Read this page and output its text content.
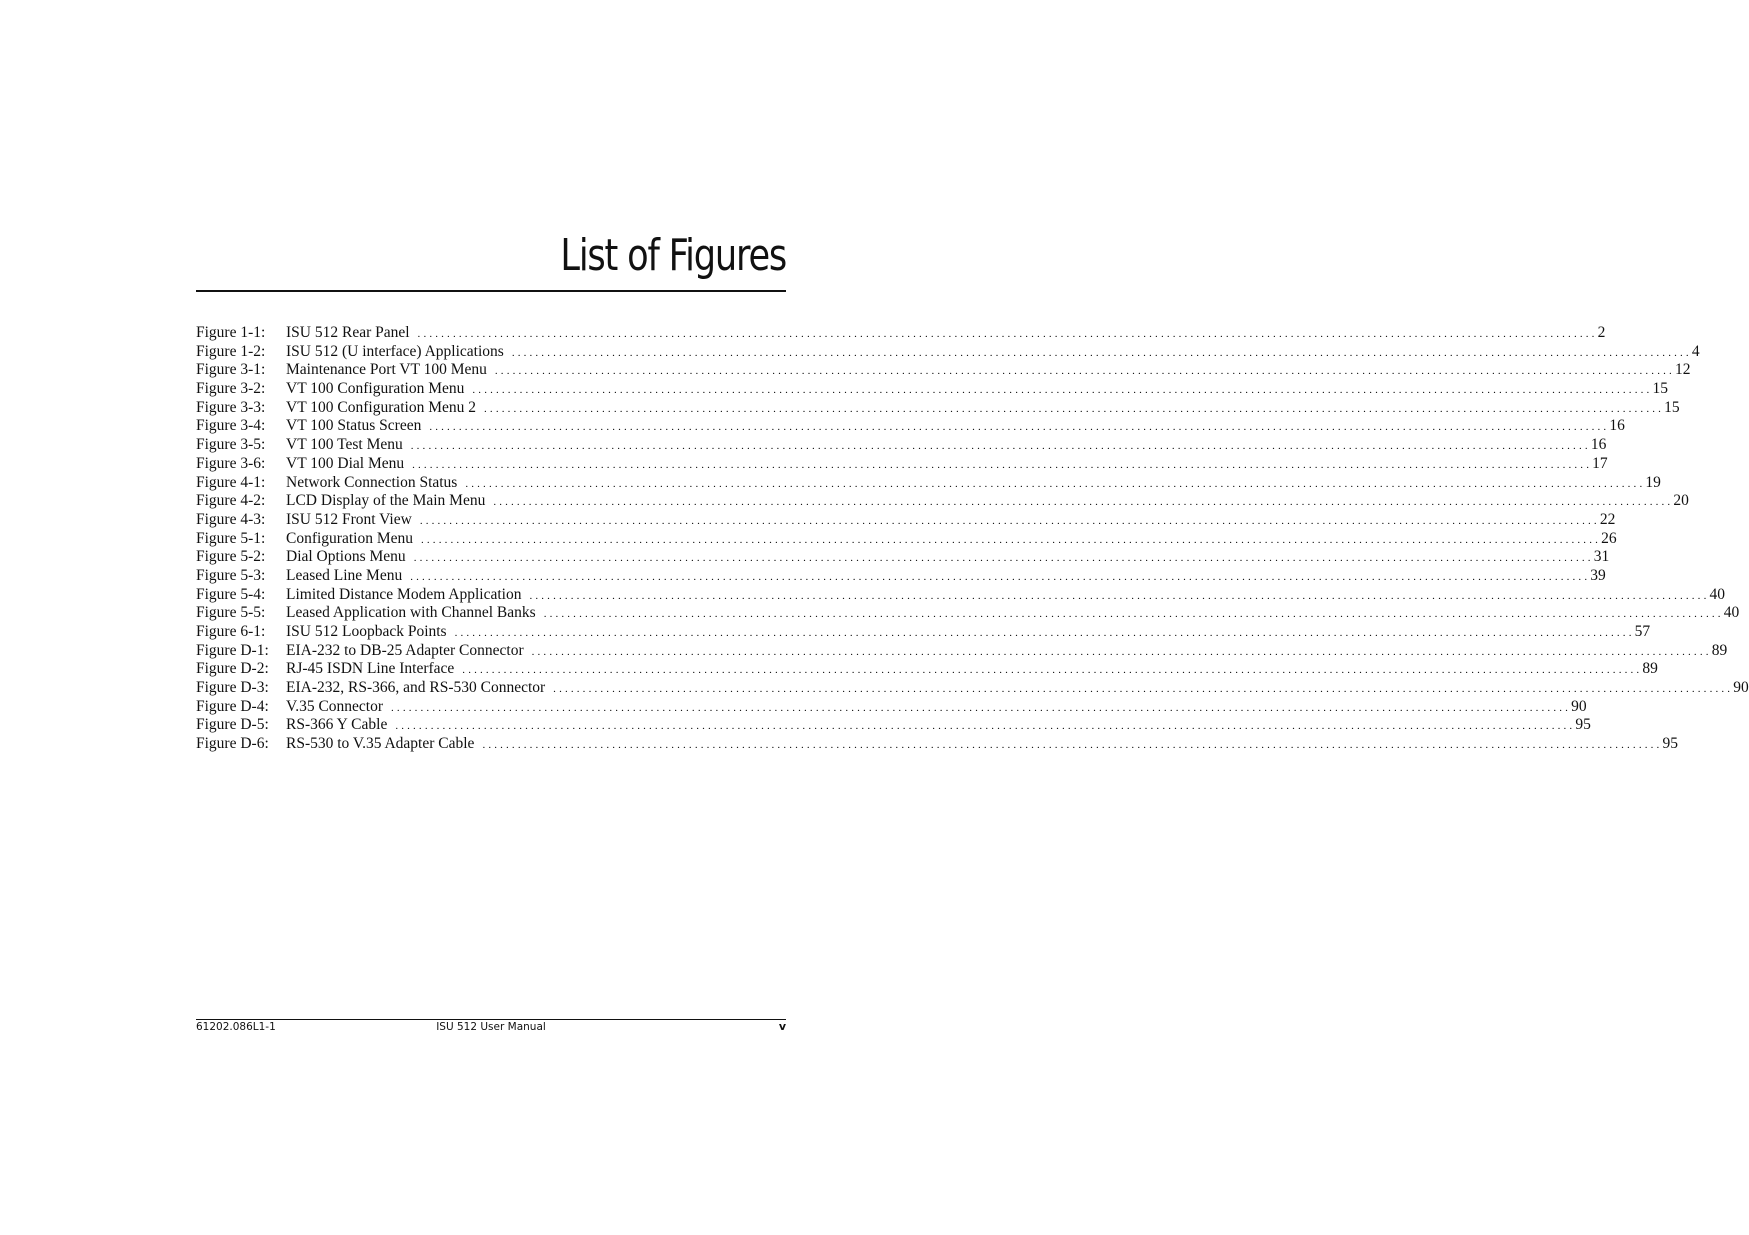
List of Figures
Figure 1-1: ISU 512 Rear Panel . . . . . . . . . . . . . . . . . . . . . . . . . . . . . . . . . . . . . . . . . . . . . . . . . . . . . . . . . . . . . . . . . . . . . . . . . . . . . . . . . . . . . . . . . . . . . . . . . . . . . . . . . . . . . . . . . . . . . . . . . . . . . . . . . . . . . . . . . . . . . . . . . . . . . . . . . . . . . . . . . . . . . . . . . . . . . . . . . . . . . . . . . . . . . . . . . . . . . . . . 2
Figure 1-2: ISU 512 (U interface) Applications . . . . . . . . . . . . . . . . . . . . . . . . . . . . . . . . . . . . . . . . . . . . . . . . . . . . . . . . . . . . . . . . . . . . . . . . . . . . . . . . . . . . . . . . . . . . . . . . . . . . . . . . . . . . . . . . . . . . . . . . . . . . . . . . . . . . . . . . . . . . . . . . . . . . . . . . . . . . . . . . . . . . . . . . . . . . . . . . . . . . . . . . . . . . . . . . . . . . . . . . 4
Figure 3-1: Maintenance Port VT 100 Menu . . . . . . . . . . . . . . . . . . . . . . . . . . . . . . . . . . . . . . . . . . . . . . . . . . . . . . . . . . . . . . . . . . . . . . . . . . . . . . . . . . . . . . . . . . . . . . . . . . . . . . . . . . . . . . . . . . . . . . . . . . . . . . . . . . . . . . . . . . . . . . . . . . . . . . . . . . . . . . . . . . . . . . . . . . . . . . . . . . . . . . . . . . . . . . . . . . . . . . . . 12
Figure 3-2: VT 100 Configuration Menu . . . . . . . . . . . . . . . . . . . . . . . . . . . . . . . . . . . . . . . . . . . . . . . . . . . . . . . . . . . . . . . . . . . . . . . . . . . . . . . . . . . . . . . . . . . . . . . . . . . . . . . . . . . . . . . . . . . . . . . . . . . . . . . . . . . . . . . . . . . . . . . . . . . . . . . . . . . . . . . . . . . . . . . . . . . . . . . . . . . . . . . . . . . . . . . . . . . . . . . . 15
Figure 3-3: VT 100 Configuration Menu 2 . . . . . . . . . . . . . . . . . . . . . . . . . . . . . . . . . . . . . . . . . . . . . . . . . . . . . . . . . . . . . . . . . . . . . . . . . . . . . . . . . . . . . . . . . . . . . . . . . . . . . . . . . . . . . . . . . . . . . . . . . . . . . . . . . . . . . . . . . . . . . . . . . . . . . . . . . . . . . . . . . . . . . . . . . . . . . . . . . . . . . . . . . . . . . . . . . . . . . . . . 15
Figure 3-4: VT 100 Status Screen . . . . . . . . . . . . . . . . . . . . . . . . . . . . . . . . . . . . . . . . . . . . . . . . . . . . . . . . . . . . . . . . . . . . . . . . . . . . . . . . . . . . . . . . . . . . . . . . . . . . . . . . . . . . . . . . . . . . . . . . . . . . . . . . . . . . . . . . . . . . . . . . . . . . . . . . . . . . . . . . . . . . . . . . . . . . . . . . . . . . . . . . . . . . . . . . . . . . . . . . 16
Figure 3-5: VT 100 Test Menu . . . . . . . . . . . . . . . . . . . . . . . . . . . . . . . . . . . . . . . . . . . . . . . . . . . . . . . . . . . . . . . . . . . . . . . . . . . . . . . . . . . . . . . . . . . . . . . . . . . . . . . . . . . . . . . . . . . . . . . . . . . . . . . . . . . . . . . . . . . . . . . . . . . . . . . . . . . . . . . . . . . . . . . . . . . . . . . . . . . . . . . . . . . . . . . . . . . . . . . . 16
Figure 3-6: VT 100 Dial Menu . . . . . . . . . . . . . . . . . . . . . . . . . . . . . . . . . . . . . . . . . . . . . . . . . . . . . . . . . . . . . . . . . . . . . . . . . . . . . . . . . . . . . . . . . . . . . . . . . . . . . . . . . . . . . . . . . . . . . . . . . . . . . . . . . . . . . . . . . . . . . . . . . . . . . . . . . . . . . . . . . . . . . . . . . . . . . . . . . . . . . . . . . . . . . . . . . . . . . . . . 17
Figure 4-1: Network Connection Status . . . . . . . . . . . . . . . . . . . . . . . . . . . . . . . . . . . . . . . . . . . . . . . . . . . . . . . . . . . . . . . . . . . . . . . . . . . . . . . . . . . . . . . . . . . . . . . . . . . . . . . . . . . . . . . . . . . . . . . . . . . . . . . . . . . . . . . . . . . . . . . . . . . . . . . . . . . . . . . . . . . . . . . . . . . . . . . . . . . . . . . . . . . . . . . . . . . . . . . . 19
Figure 4-2: LCD Display of the Main Menu . . . . . . . . . . . . . . . . . . . . . . . . . . . . . . . . . . . . . . . . . . . . . . . . . . . . . . . . . . . . . . . . . . . . . . . . . . . . . . . . . . . . . . . . . . . . . . . . . . . . . . . . . . . . . . . . . . . . . . . . . . . . . . . . . . . . . . . . . . . . . . . . . . . . . . . . . . . . . . . . . . . . . . . . . . . . . . . . . . . . . . . . . . . . . . . . . . . . . . . . 20
Figure 4-3: ISU 512 Front View . . . . . . . . . . . . . . . . . . . . . . . . . . . . . . . . . . . . . . . . . . . . . . . . . . . . . . . . . . . . . . . . . . . . . . . . . . . . . . . . . . . . . . . . . . . . . . . . . . . . . . . . . . . . . . . . . . . . . . . . . . . . . . . . . . . . . . . . . . . . . . . . . . . . . . . . . . . . . . . . . . . . . . . . . . . . . . . . . . . . . . . . . . . . . . . . . . . . . . . . 22
Figure 5-1: Configuration Menu . . . . . . . . . . . . . . . . . . . . . . . . . . . . . . . . . . . . . . . . . . . . . . . . . . . . . . . . . . . . . . . . . . . . . . . . . . . . . . . . . . . . . . . . . . . . . . . . . . . . . . . . . . . . . . . . . . . . . . . . . . . . . . . . . . . . . . . . . . . . . . . . . . . . . . . . . . . . . . . . . . . . . . . . . . . . . . . . . . . . . . . . . . . . . . . . . . . . . . . . 26
Figure 5-2: Dial Options Menu . . . . . . . . . . . . . . . . . . . . . . . . . . . . . . . . . . . . . . . . . . . . . . . . . . . . . . . . . . . . . . . . . . . . . . . . . . . . . . . . . . . . . . . . . . . . . . . . . . . . . . . . . . . . . . . . . . . . . . . . . . . . . . . . . . . . . . . . . . . . . . . . . . . . . . . . . . . . . . . . . . . . . . . . . . . . . . . . . . . . . . . . . . . . . . . . . . . . . . . . 31
Figure 5-3: Leased Line Menu . . . . . . . . . . . . . . . . . . . . . . . . . . . . . . . . . . . . . . . . . . . . . . . . . . . . . . . . . . . . . . . . . . . . . . . . . . . . . . . . . . . . . . . . . . . . . . . . . . . . . . . . . . . . . . . . . . . . . . . . . . . . . . . . . . . . . . . . . . . . . . . . . . . . . . . . . . . . . . . . . . . . . . . . . . . . . . . . . . . . . . . . . . . . . . . . . . . . . . . . 39
Figure 5-4: Limited Distance Modem Application . . . . . . . . . . . . . . . . . . . . . . . . . . . . . . . . . . . . . . . . . . . . . . . . . . . . . . . . . . . . . . . . . . . . . . . . . . . . . . . . . . . . . . . . . . . . . . . . . . . . . . . . . . . . . . . . . . . . . . . . . . . . . . . . . . . . . . . . . . . . . . . . . . . . . . . . . . . . . . . . . . . . . . . . . . . . . . . . . . . . . . . . . . . . . . . . . . . . . . . . 40
Figure 5-5: Leased Application with Channel Banks . . . . . . . . . . . . . . . . . . . . . . . . . . . . . . . . . . . . . . . . . . . . . . . . . . . . . . . . . . . . . . . . . . . . . . . . . . . . . . . . . . . . . . . . . . . . . . . . . . . . . . . . . . . . . . . . . . . . . . . . . . . . . . . . . . . . . . . . . . . . . . . . . . . . . . . . . . . . . . . . . . . . . . . . . . . . . . . . . . . . . . . . . . . . . . . . . . . . . . . . 40
Figure 6-1: ISU 512 Loopback Points . . . . . . . . . . . . . . . . . . . . . . . . . . . . . . . . . . . . . . . . . . . . . . . . . . . . . . . . . . . . . . . . . . . . . . . . . . . . . . . . . . . . . . . . . . . . . . . . . . . . . . . . . . . . . . . . . . . . . . . . . . . . . . . . . . . . . . . . . . . . . . . . . . . . . . . . . . . . . . . . . . . . . . . . . . . . . . . . . . . . . . . . . . . . . . . . . . . . . . . . 57
Figure D-1: EIA-232 to DB-25 Adapter Connector . . . . . . . . . . . . . . . . . . . . . . . . . . . . . . . . . . . . . . . . . . . . . . . . . . . . . . . . . . . . . . . . . . . . . . . . . . . . . . . . . . . . . . . . . . . . . . . . . . . . . . . . . . . . . . . . . . . . . . . . . . . . . . . . . . . . . . . . . . . . . . . . . . . . . . . . . . . . . . . . . . . . . . . . . . . . . . . . . . . . . . . . . . . . . . . . . . . . . . . . 89
Figure D-2: RJ-45 ISDN Line Interface . . . . . . . . . . . . . . . . . . . . . . . . . . . . . . . . . . . . . . . . . . . . . . . . . . . . . . . . . . . . . . . . . . . . . . . . . . . . . . . . . . . . . . . . . . . . . . . . . . . . . . . . . . . . . . . . . . . . . . . . . . . . . . . . . . . . . . . . . . . . . . . . . . . . . . . . . . . . . . . . . . . . . . . . . . . . . . . . . . . . . . . . . . . . . . . . . . . . . . . . 89
Figure D-3: EIA-232, RS-366, and RS-530 Connector . . . . . . . . . . . . . . . . . . . . . . . . . . . . . . . . . . . . . . . . . . . . . . . . . . . . . . . . . . . . . . . . . . . . . . . . . . . . . . . . . . . . . . . . . . . . . . . . . . . . . . . . . . . . . . . . . . . . . . . . . . . . . . . . . . . . . . . . . . . . . . . . . . . . . . . . . . . . . . . . . . . . . . . . . . . . . . . . . . . . . . . . . . . . . . . . . . . . . . . . 90
Figure D-4: V.35 Connector . . . . . . . . . . . . . . . . . . . . . . . . . . . . . . . . . . . . . . . . . . . . . . . . . . . . . . . . . . . . . . . . . . . . . . . . . . . . . . . . . . . . . . . . . . . . . . . . . . . . . . . . . . . . . . . . . . . . . . . . . . . . . . . . . . . . . . . . . . . . . . . . . . . . . . . . . . . . . . . . . . . . . . . . . . . . . . . . . . . . . . . . . . . . . . . . . . . . . . . . 90
Figure D-5: RS-366 Y Cable . . . . . . . . . . . . . . . . . . . . . . . . . . . . . . . . . . . . . . . . . . . . . . . . . . . . . . . . . . . . . . . . . . . . . . . . . . . . . . . . . . . . . . . . . . . . . . . . . . . . . . . . . . . . . . . . . . . . . . . . . . . . . . . . . . . . . . . . . . . . . . . . . . . . . . . . . . . . . . . . . . . . . . . . . . . . . . . . . . . . . . . . . . . . . . . . . . . . . . . . 95
Figure D-6: RS-530 to V.35 Adapter Cable . . . . . . . . . . . . . . . . . . . . . . . . . . . . . . . . . . . . . . . . . . . . . . . . . . . . . . . . . . . . . . . . . . . . . . . . . . . . . . . . . . . . . . . . . . . . . . . . . . . . . . . . . . . . . . . . . . . . . . . . . . . . . . . . . . . . . . . . . . . . . . . . . . . . . . . . . . . . . . . . . . . . . . . . . . . . . . . . . . . . . . . . . . . . . . . . . . . . . . . . 95
61202.086L1-1	ISU 512 User Manual	v
